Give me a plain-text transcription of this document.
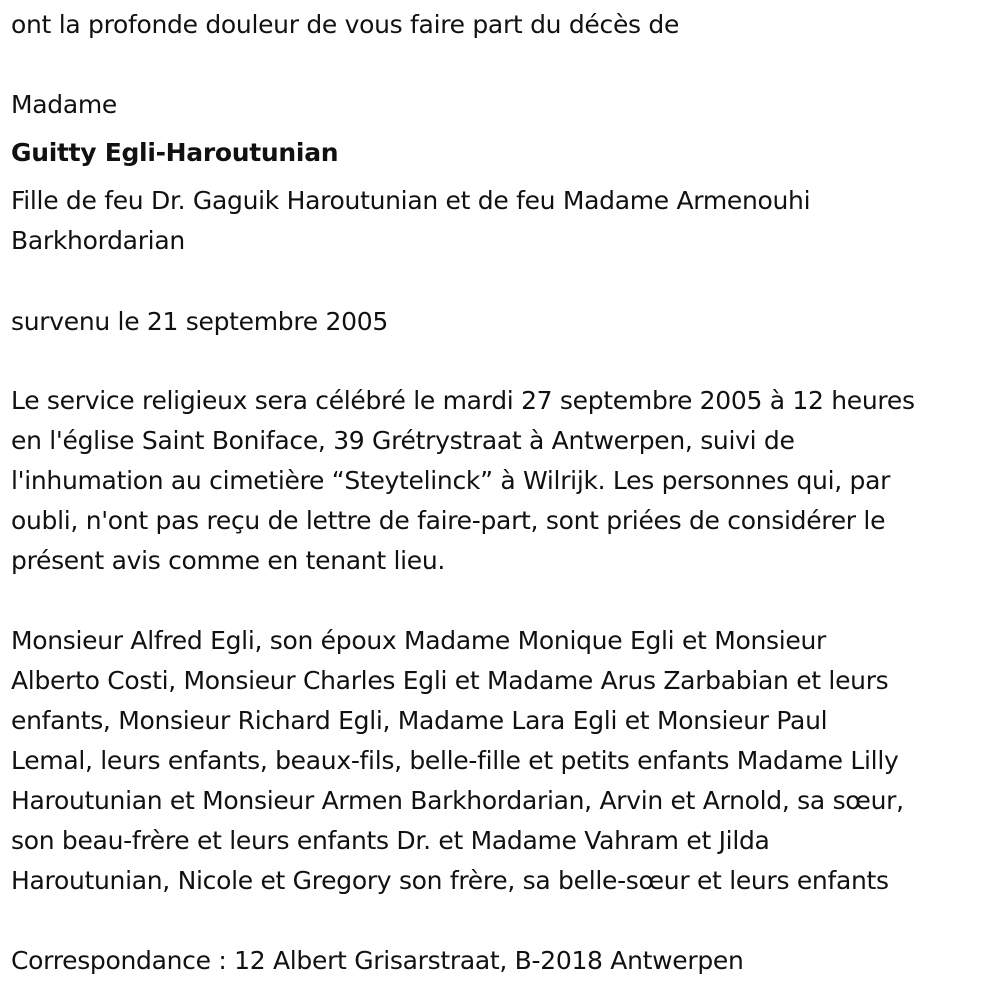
ont la profonde douleur de vous faire part du décès de

Madame

Guitty Egli-Haroutunian

Fille de feu Dr. Gaguik Haroutunian et de feu Madame Armenouhi

Barkhordarian

survenu le 21 septembre 2005

Le service religieux sera célébré le mardi 27 septembre 2005 à 12 heures

en l'église Saint Boniface, 39 Grétrystraat à Antwerpen, suivi de

l'inhumation au cimetière “Steytelinck” à Wilrijk. Les personnes qui, par

oubli, n'ont pas reçu de lettre de faire-part, sont priées de considérer le

présent avis comme en tenant lieu.

Monsieur Alfred Egli, son époux Madame Monique Egli et Monsieur

Alberto Costi, Monsieur Charles Egli et Madame Arus Zarbabian et leurs

enfants, Monsieur Richard Egli, Madame Lara Egli et Monsieur Paul

Lemal, leurs enfants, beaux-fils, belle-fille et petits enfants Madame Lilly

Haroutunian et Monsieur Armen Barkhordarian, Arvin et Arnold, sa sœur,

son beau-frère et leurs enfants Dr. et Madame Vahram et Jilda

Haroutunian, Nicole et Gregory son frère, sa belle-sœur et leurs enfants

Correspondance : 12 Albert Grisarstraat, B-2018 Antwerpen
